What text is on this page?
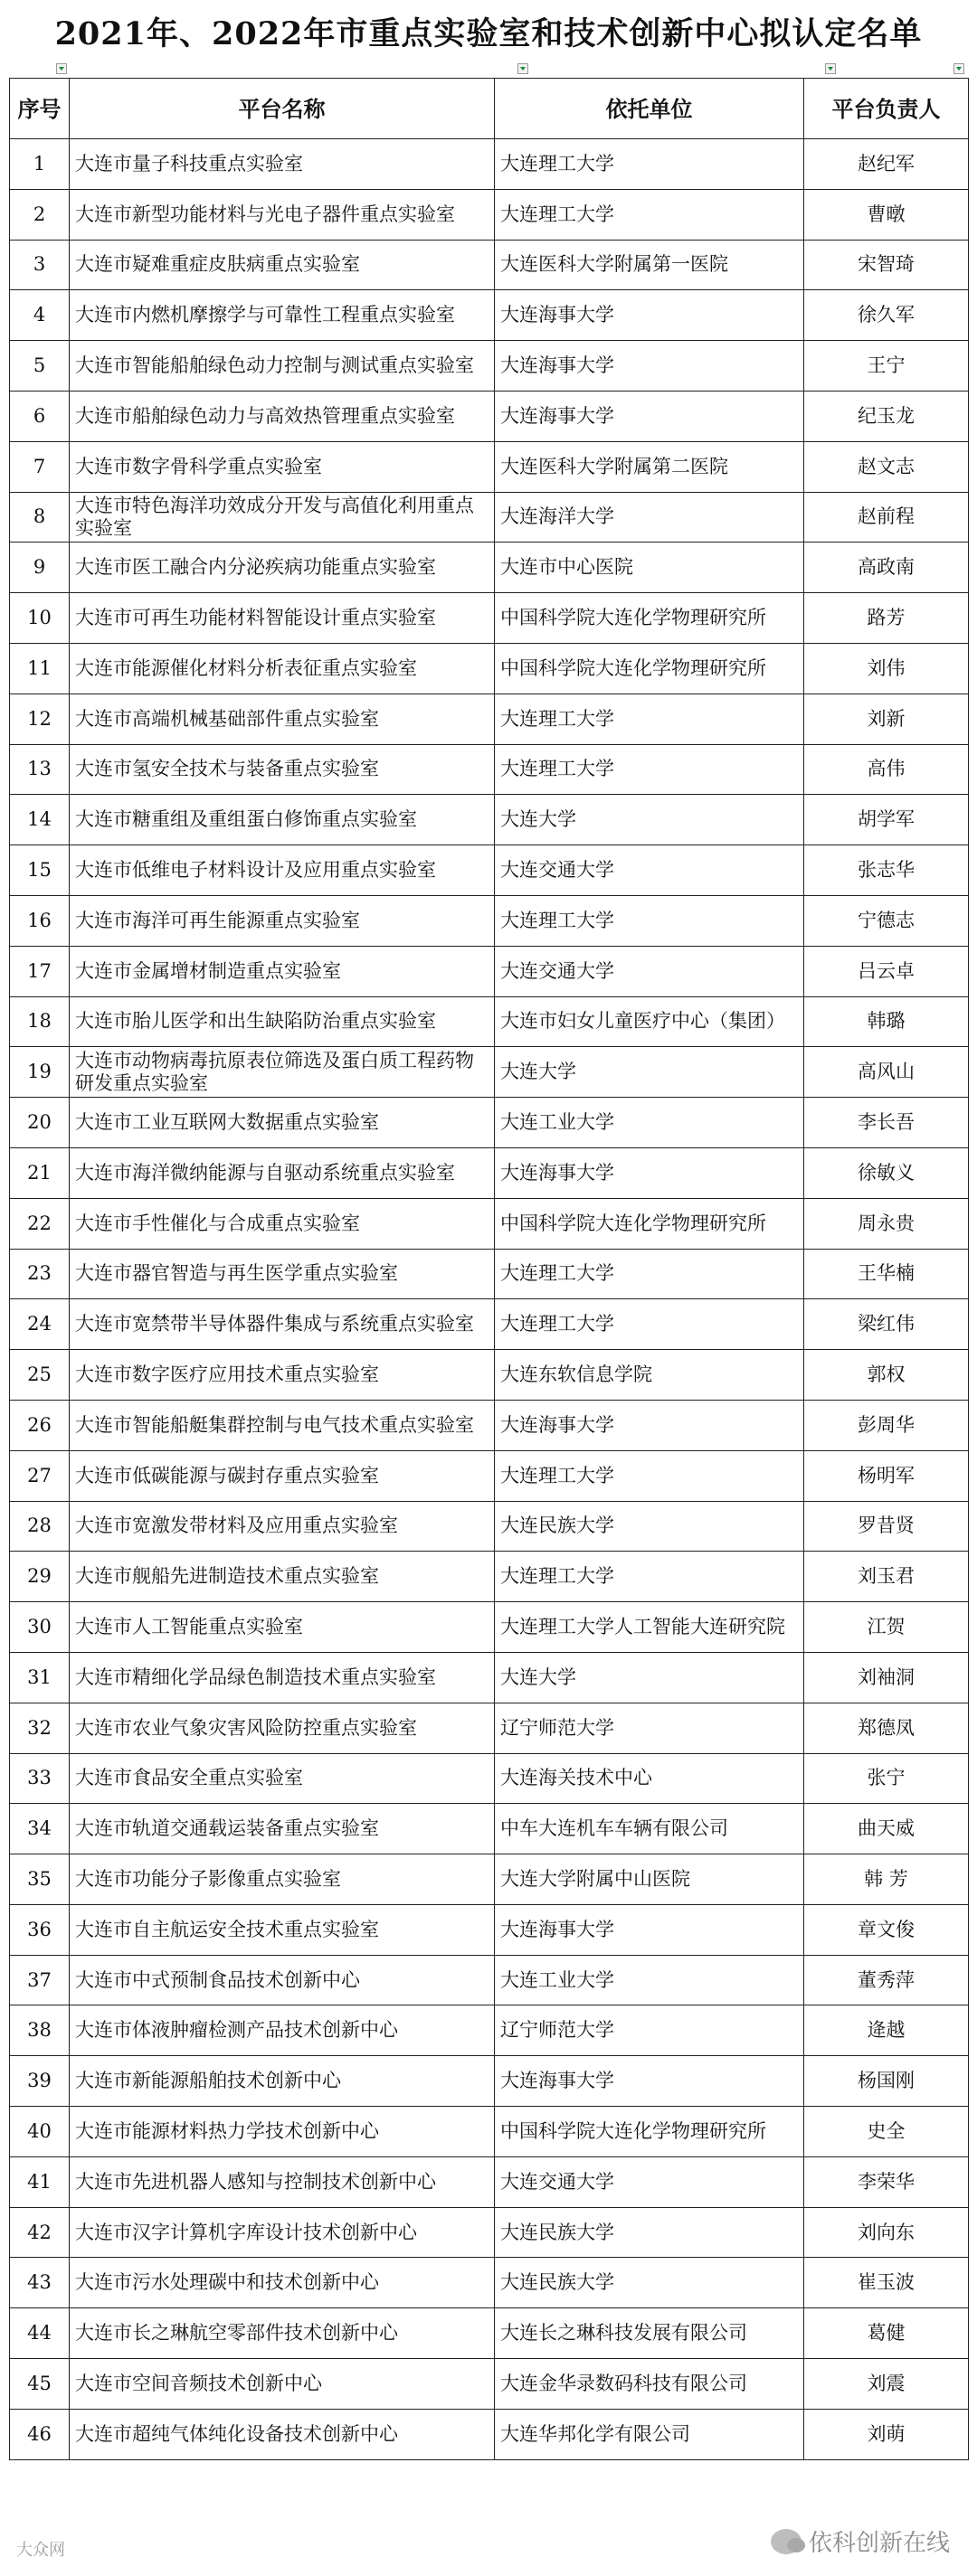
2021年、2022年市重点实验室和技术创新中心拟认定名单
序号	平台名称	依托单位	平台负责人
1	大连市量子科技重点实验室	大连理工大学	赵纪军
2	大连市新型功能材料与光电子器件重点实验室	大连理工大学	曹暾
3	大连市疑难重症皮肤病重点实验室	大连医科大学附属第一医院	宋智琦
4	大连市内燃机摩擦学与可靠性工程重点实验室	大连海事大学	徐久军
5	大连市智能船舶绿色动力控制与测试重点实验室	大连海事大学	王宁
6	大连市船舶绿色动力与高效热管理重点实验室	大连海事大学	纪玉龙
7	大连市数字骨科学重点实验室	大连医科大学附属第二医院	赵文志
8	大连市特色海洋功效成分开发与高值化利用重点实验室	大连海洋大学	赵前程
9	大连市医工融合内分泌疾病功能重点实验室	大连市中心医院	高政南
10	大连市可再生功能材料智能设计重点实验室	中国科学院大连化学物理研究所	路芳
11	大连市能源催化材料分析表征重点实验室	中国科学院大连化学物理研究所	刘伟
12	大连市高端机械基础部件重点实验室	大连理工大学	刘新
13	大连市氢安全技术与装备重点实验室	大连理工大学	高伟
14	大连市糖重组及重组蛋白修饰重点实验室	大连大学	胡学军
15	大连市低维电子材料设计及应用重点实验室	大连交通大学	张志华
16	大连市海洋可再生能源重点实验室	大连理工大学	宁德志
17	大连市金属增材制造重点实验室	大连交通大学	吕云卓
18	大连市胎儿医学和出生缺陷防治重点实验室	大连市妇女儿童医疗中心（集团）	韩璐
19	大连市动物病毒抗原表位筛选及蛋白质工程药物研发重点实验室	大连大学	高风山
20	大连市工业互联网大数据重点实验室	大连工业大学	李长吾
21	大连市海洋微纳能源与自驱动系统重点实验室	大连海事大学	徐敏义
22	大连市手性催化与合成重点实验室	中国科学院大连化学物理研究所	周永贵
23	大连市器官智造与再生医学重点实验室	大连理工大学	王华楠
24	大连市宽禁带半导体器件集成与系统重点实验室	大连理工大学	梁红伟
25	大连市数字医疗应用技术重点实验室	大连东软信息学院	郭权
26	大连市智能船艇集群控制与电气技术重点实验室	大连海事大学	彭周华
27	大连市低碳能源与碳封存重点实验室	大连理工大学	杨明军
28	大连市宽激发带材料及应用重点实验室	大连民族大学	罗昔贤
29	大连市舰船先进制造技术重点实验室	大连理工大学	刘玉君
30	大连市人工智能重点实验室	大连理工大学人工智能大连研究院	江贺
31	大连市精细化学品绿色制造技术重点实验室	大连大学	刘袖洞
32	大连市农业气象灾害风险防控重点实验室	辽宁师范大学	郑德凤
33	大连市食品安全重点实验室	大连海关技术中心	张宁
34	大连市轨道交通载运装备重点实验室	中车大连机车车辆有限公司	曲天威
35	大连市功能分子影像重点实验室	大连大学附属中山医院	韩 芳
36	大连市自主航运安全技术重点实验室	大连海事大学	章文俊
37	大连市中式预制食品技术创新中心	大连工业大学	董秀萍
38	大连市体液肿瘤检测产品技术创新中心	辽宁师范大学	逄越
39	大连市新能源船舶技术创新中心	大连海事大学	杨国刚
40	大连市能源材料热力学技术创新中心	中国科学院大连化学物理研究所	史全
41	大连市先进机器人感知与控制技术创新中心	大连交通大学	李荣华
42	大连市汉字计算机字库设计技术创新中心	大连民族大学	刘向东
43	大连市污水处理碳中和技术创新中心	大连民族大学	崔玉波
44	大连市长之琳航空零部件技术创新中心	大连长之琳科技发展有限公司	葛健
45	大连市空间音频技术创新中心	大连金华录数码科技有限公司	刘震
46	大连市超纯气体纯化设备技术创新中心	大连华邦化学有限公司	刘萌
大众网	依科创新在线
